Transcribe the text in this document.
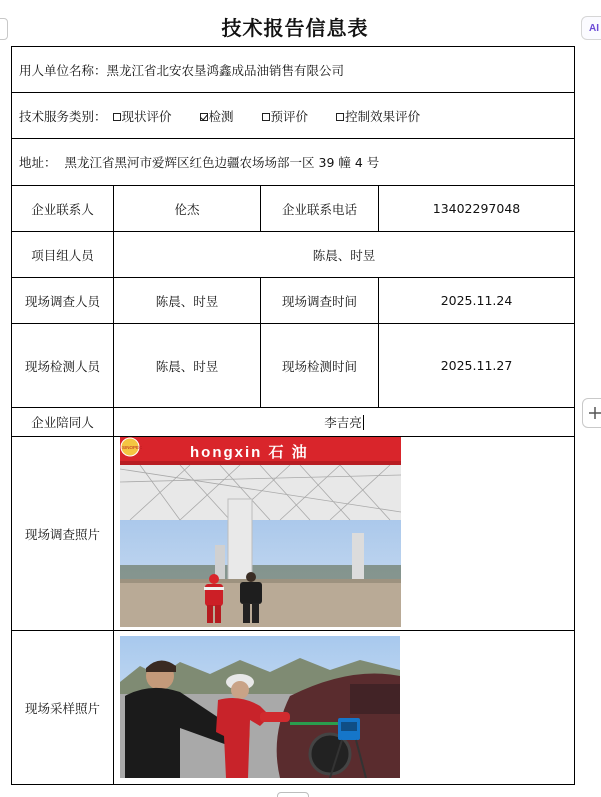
技术报告信息表	AI
用人单位名称： 黑龙江省北安农垦鸿鑫成品油销售有限公司
技术服务类别： 现状评价	检测	预评价	控制效果评价
地址： 黑龙江省黑河市爱辉区红色边疆农场场部一区 39 幢 4 号
企业联系人	伦杰	企业联系电话	13402297048
项目组人员	陈晨、时昱
现场调查人员	陈晨、时昱	现场调查时间	2025.11.24
现场检测人员	陈晨、时昱	现场检测时间	2025.11.27
企业陪同人	李吉亮
现场调查照片
SINOPEC	hongxin 石 油
现场采样照片
